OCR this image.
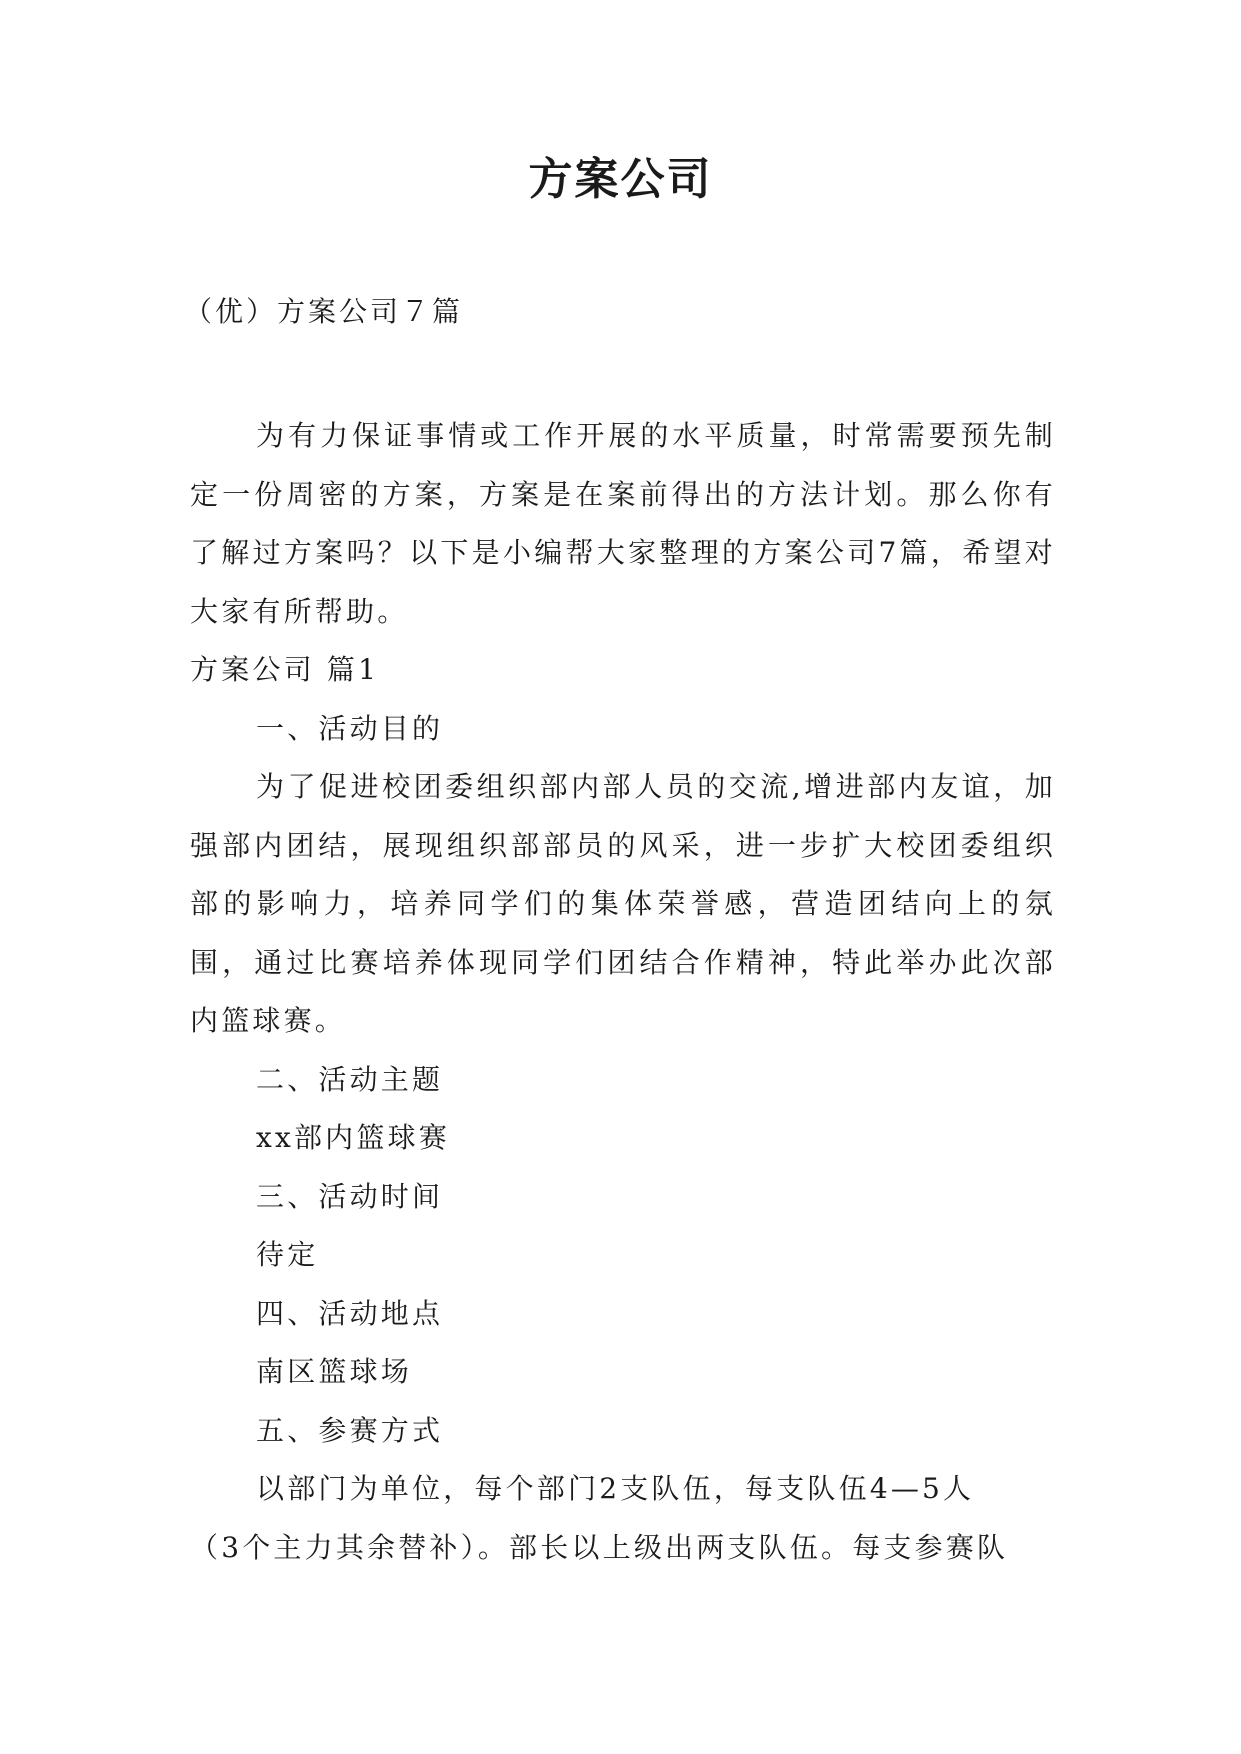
方案公司
（优）方案公司７篇

为有力保证事情或工作开展的水平质量，时常需要预先制定一份周密的方案，方案是在案前得出的方法计划。那么你有了解过方案吗？以下是小编帮大家整理的方案公司7篇，希望对大家有所帮助。

方案公司 篇1

一、活动目的

为了促进校团委组织部内部人员的交流,增进部内友谊，加强部内团结，展现组织部部员的风采，进一步扩大校团委组织部的影响力，培养同学们的集体荣誉感，营造团结向上的氛围，通过比赛培养体现同学们团结合作精神，特此举办此次部内篮球赛。

二、活动主题

xx部内篮球赛

三、活动时间

待定

四、活动地点

南区篮球场

五、参赛方式

以部门为单位，每个部门2支队伍，每支队伍4—5人

（3个主力其余替补）。部长以上级出两支队伍。每支参赛队
